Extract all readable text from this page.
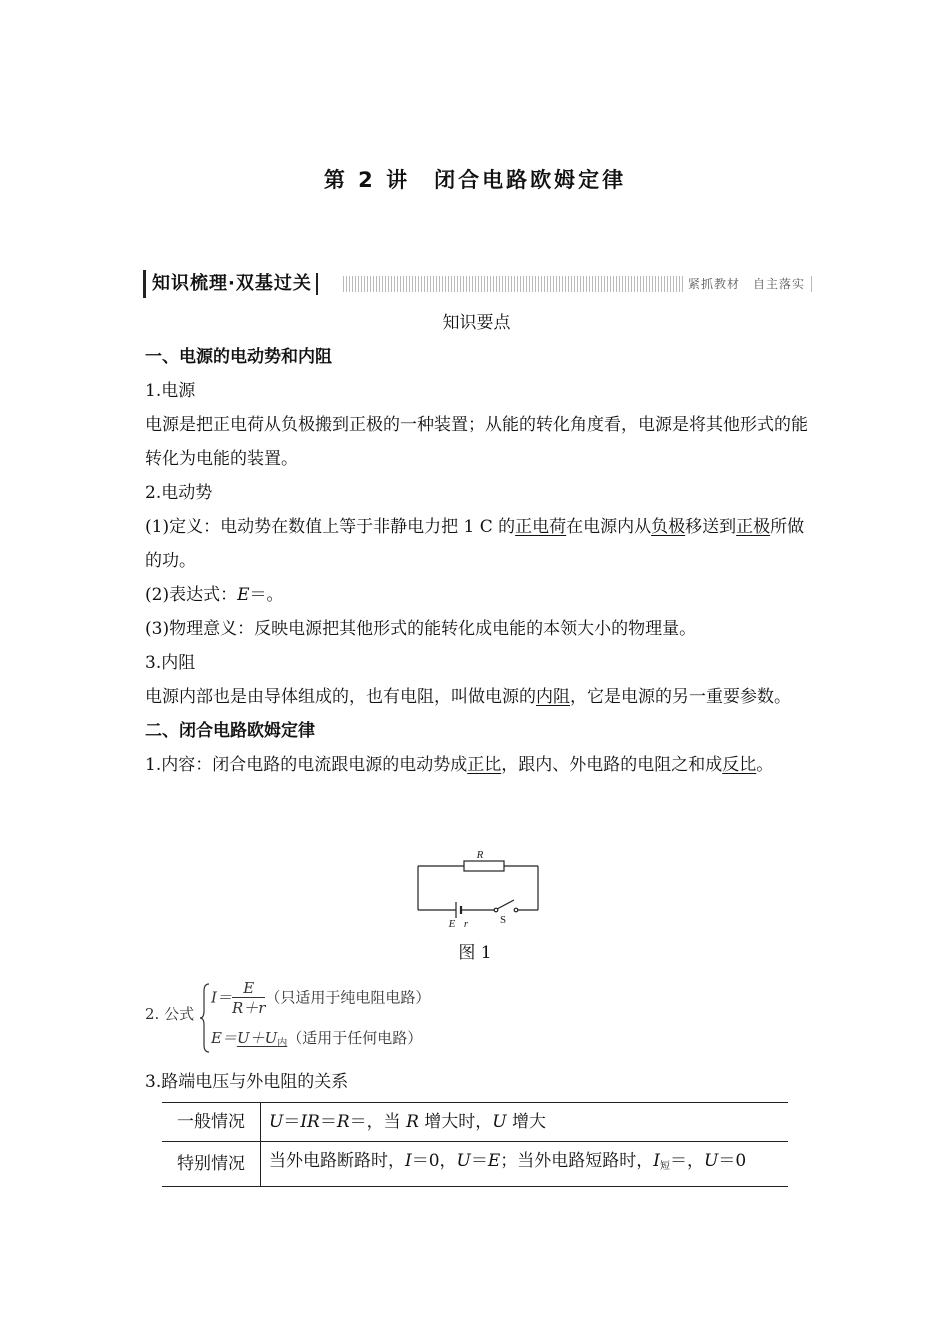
第 2 讲　闭合电路欧姆定律
知识梳理·双基过关	紧抓教材　自主落实
知识要点
一、电源的电动势和内阻
1.电源
电源是把正电荷从负极搬到正极的一种装置；从能的转化角度看，电源是将其他形式的能转化为电能的装置。
2.电动势
(1)定义：电动势在数值上等于非静电力把 1 C 的正电荷在电源内从负极移送到正极所做的功。
(2)表达式：E＝。
(3)物理意义：反映电源把其他形式的能转化成电能的本领大小的物理量。
3.内阻
电源内部也是由导体组成的，也有电阻，叫做电源的内阻，它是电源的另一重要参数。
二、闭合电路欧姆定律
1.内容：闭合电路的电流跟电源的电动势成正比，跟内、外电路的电阻之和成反比。
R
E r	S
图 1
2. 公式
$I= \frac{E}{R+r}$ （只适用于纯电阻电路）
$E=U+U_内$（适用于任何电路）
3.路端电压与外电阻的关系
一般情况	U＝IR＝R＝，当 R 增大时，U 增大
特别情况	当外电路断路时，I＝0，U＝E；当外电路短路时，$I_短=$，U＝0
